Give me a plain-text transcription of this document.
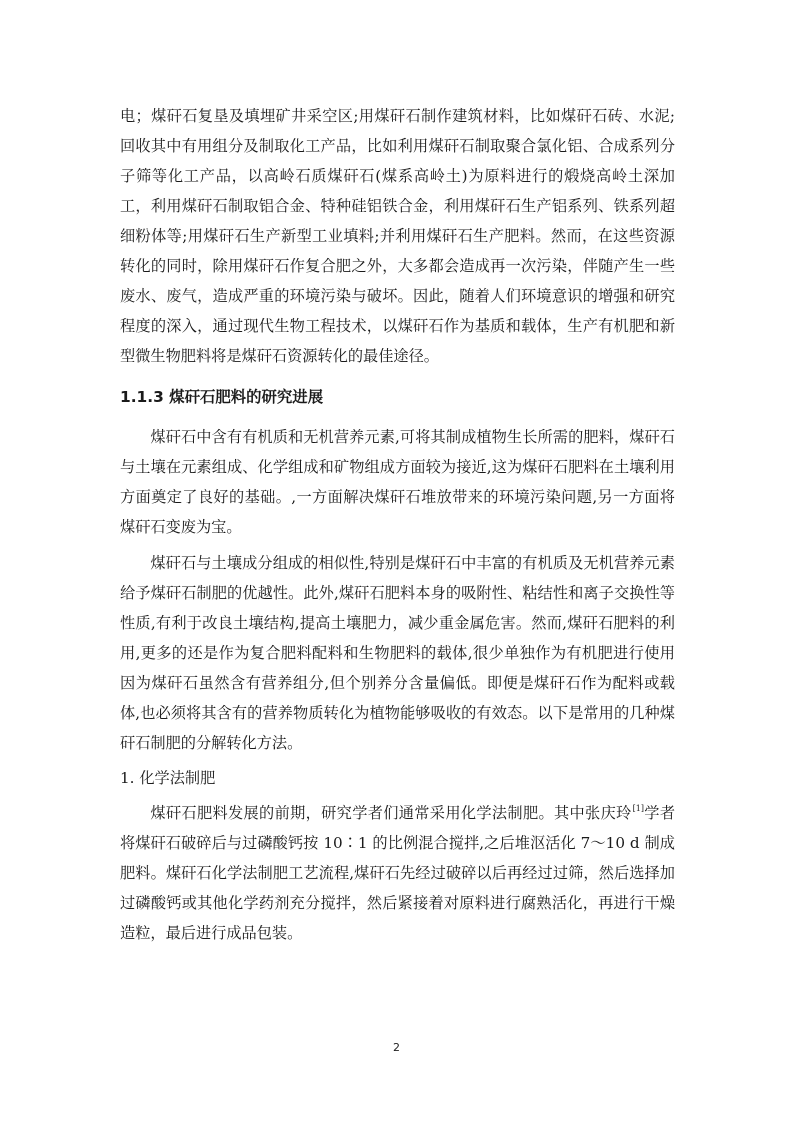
电；煤矸石复垦及填埋矿井采空区;用煤矸石制作建筑材料，比如煤矸石砖、水泥;回收其中有用组分及制取化工产品，比如利用煤矸石制取聚合氯化铝、合成系列分子筛等化工产品，以高岭石质煤矸石(煤系高岭土)为原料进行的煅烧高岭土深加工，利用煤矸石制取铝合金、特种硅铝铁合金，利用煤矸石生产铝系列、铁系列超细粉体等;用煤矸石生产新型工业填料;并利用煤矸石生产肥料。然而，在这些资源转化的同时，除用煤矸石作复合肥之外，大多都会造成再一次污染，伴随产生一些废水、废气，造成严重的环境污染与破坏。因此，随着人们环境意识的增强和研究程度的深入，通过现代生物工程技术，以煤矸石作为基质和载体，生产有机肥和新型微生物肥料将是煤矸石资源转化的最佳途径。

1.1.3 煤矸石肥料的研究进展

煤矸石中含有有机质和无机营养元素,可将其制成植物生长所需的肥料，煤矸石与土壤在元素组成、化学组成和矿物组成方面较为接近,这为煤矸石肥料在土壤利用方面奠定了良好的基础。,一方面解决煤矸石堆放带来的环境污染问题,另一方面将煤矸石变废为宝。

煤矸石与土壤成分组成的相似性,特别是煤矸石中丰富的有机质及无机营养元素给予煤矸石制肥的优越性。此外,煤矸石肥料本身的吸附性、粘结性和离子交换性等性质,有利于改良土壤结构,提高土壤肥力，减少重金属危害。然而,煤矸石肥料的利用,更多的还是作为复合肥料配料和生物肥料的载体,很少单独作为有机肥进行使用因为煤矸石虽然含有营养组分,但个别养分含量偏低。即便是煤矸石作为配料或载体,也必须将其含有的营养物质转化为植物能够吸收的有效态。以下是常用的几种煤矸石制肥的分解转化方法。

1. 化学法制肥

煤矸石肥料发展的前期，研究学者们通常采用化学法制肥。其中张庆玲[1]学者将煤矸石破碎后与过磷酸钙按 10∶1 的比例混合搅拌,之后堆沤活化 7～10 d 制成肥料。煤矸石化学法制肥工艺流程,煤矸石先经过破碎以后再经过过筛，然后选择加过磷酸钙或其他化学药剂充分搅拌，然后紧接着对原料进行腐熟活化，再进行干燥造粒，最后进行成品包装。

2
